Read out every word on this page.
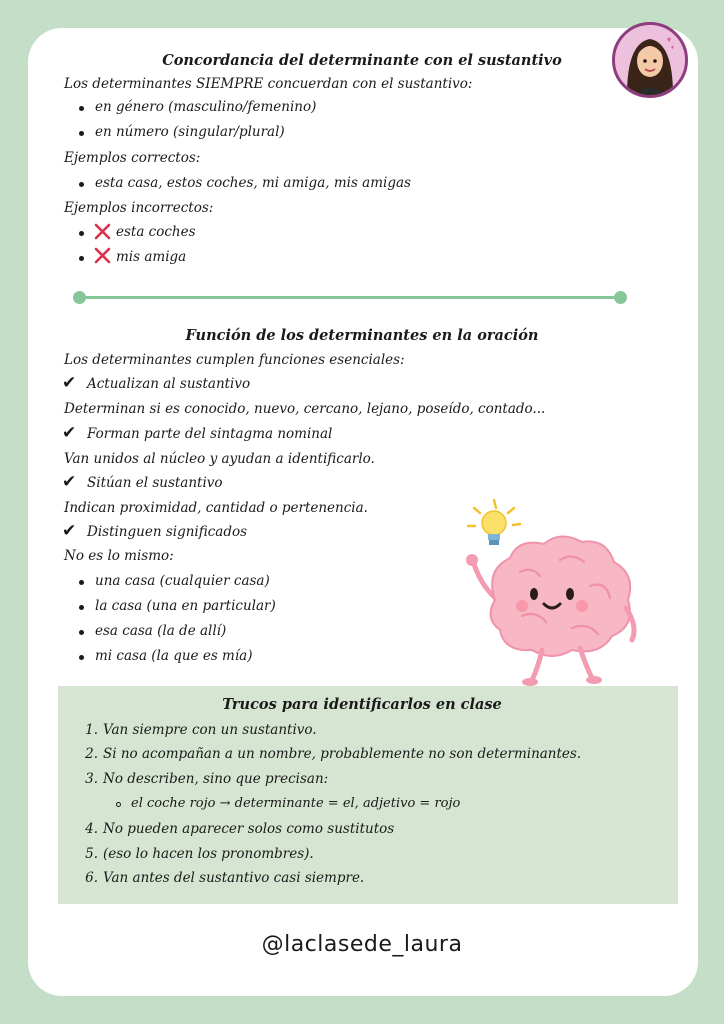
Concordancia del determinante con el sustantivo
Los determinantes SIEMPRE concuerdan con el sustantivo:
en género (masculino/femenino)
en número (singular/plural)
Ejemplos correctos:
esta casa, estos coches, mi amiga, mis amigas
Ejemplos incorrectos:
esta coches
mis amiga
Función de los determinantes en la oración
Los determinantes cumplen funciones esenciales:
✔ Actualizan al sustantivo
Determinan si es conocido, nuevo, cercano, lejano, poseído, contado...
✔ Forman parte del sintagma nominal
Van unidos al núcleo y ayudan a identificarlo.
✔ Sitúan el sustantivo
Indican proximidad, cantidad o pertenencia.
✔ Distinguen significados
No es lo mismo:
una casa (cualquier casa)
la casa (una en particular)
esa casa (la de allí)
mi casa (la que es mía)
Trucos para identificarlos en clase
1. Van siempre con un sustantivo.
2. Si no acompañan a un nombre, probablemente no son determinantes.
3. No describen, sino que precisan:
el coche rojo → determinante = el, adjetivo = rojo
4. No pueden aparecer solos como sustitutos
5. (eso lo hacen los pronombres).
6. Van antes del sustantivo casi siempre.
@laclasede_laura
